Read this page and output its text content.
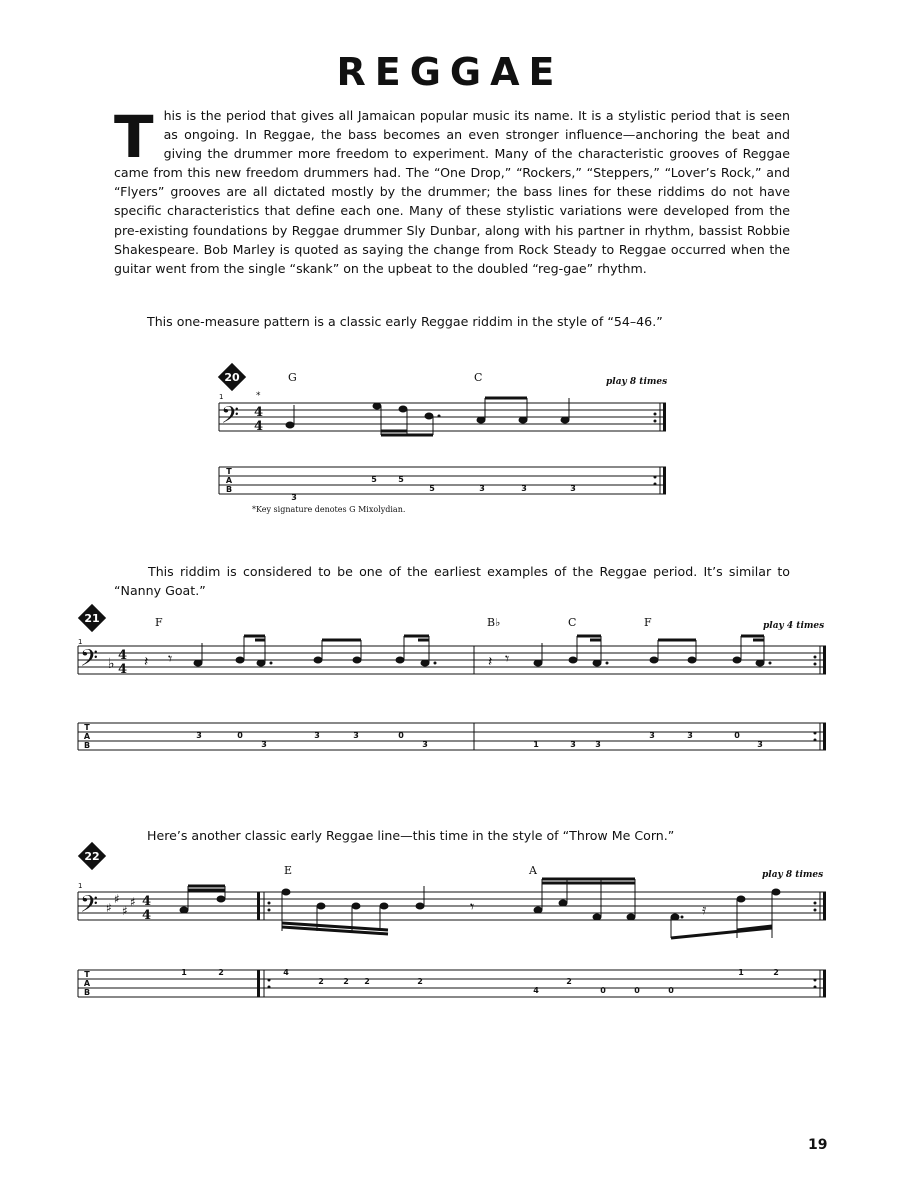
REGGAE
This is the period that gives all Jamaican popular music its name. It is a stylistic period that is seen as ongoing. In Reggae, the bass becomes an even stronger influence—anchoring the beat and giving the drummer more freedom to experiment. Many of the characteristic grooves of Reggae came from this new freedom drummers had. The “One Drop,” “Rockers,” “Steppers,” “Lover’s Rock,” and “Flyers” grooves are all dictated mostly by the drummer; the bass lines for these riddims do not have specific characteristics that define each one. Many of these stylistic variations were developed from the pre-existing foundations by Reggae drummer Sly Dunbar, along with his partner in rhythm, bassist Robbie Shakespeare. Bob Marley is quoted as saying the change from Rock Steady to Reggae occurred when the guitar went from the single “skank” on the upbeat to the doubled “reg-gae” rhythm.

This one-measure pattern is a classic early Reggae riddim in the style of “54–46.”

This riddim is considered to be one of the earliest examples of the Reggae period. It’s similar to “Nanny Goat.”

Here’s another classic early Reggae line—this time in the style of “Throw Me Corn.”

20
1	*
G	C	play 8 times
𝄢 4
4
T
A
B
3
5	5
5	3	3	3
*Key signature denotes G Mixolydian.
21
1
F	B♭	C	F	play 4 times
𝄢 ♭
4
4 𝄽 𝄾	𝄽 𝄾
T
A
B
3	0
3
3	3	0
3	1	3 3
3	3	0
3
22
1
E	A	play 8 times
𝄢 ♯
♯
♯
♯ 4
4	𝄾	𝄿
T
A
B
1	2	4
2 2 2	2
4
2
0	0	0
1	2
19
